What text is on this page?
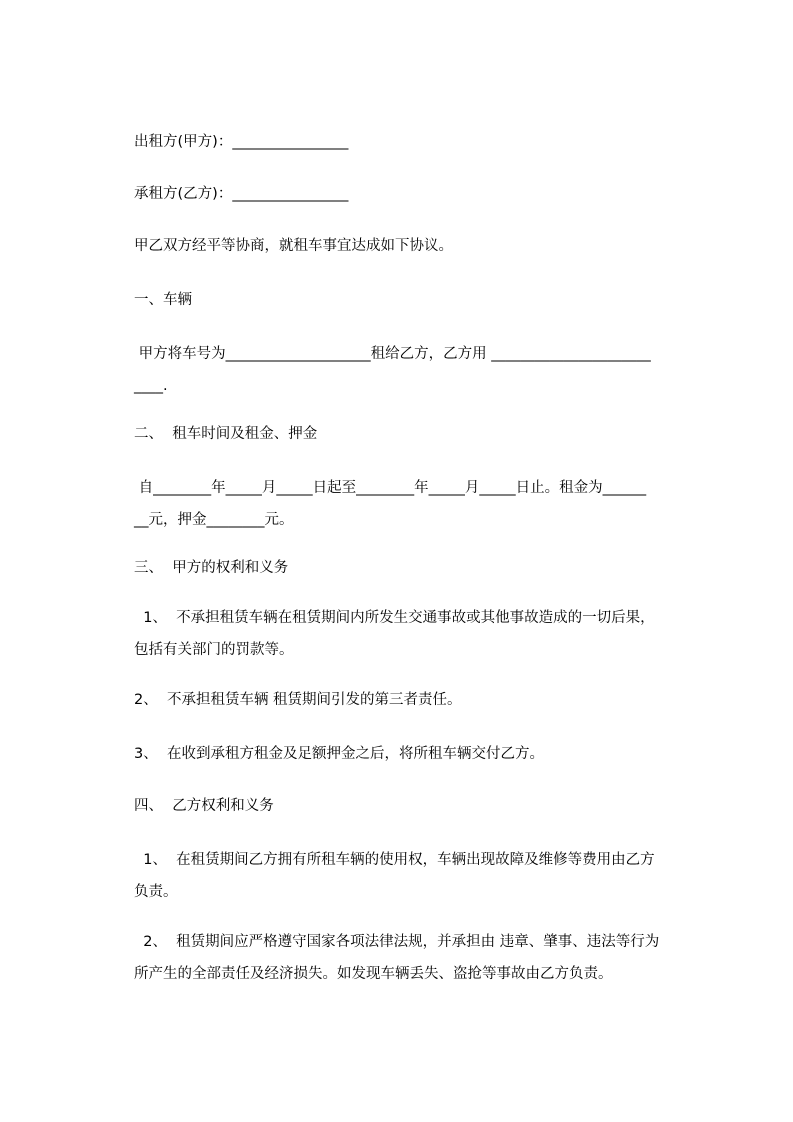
出租方(甲方)：________________

承租方(乙方)：________________

甲乙双方经平等协商，就租车事宜达成如下协议。

一、车辆

甲方将车号为____________________租给乙方，乙方用 ______________________
____.

二、  租车时间及租金、押金

自________年_____月_____日起至________年_____月_____日止。租金为______
__元，押金________元。

三、  甲方的权利和义务

1、  不承担租赁车辆在租赁期间内所发生交通事故或其他事故造成的一切后果，
包括有关部门的罚款等。

2、  不承担租赁车辆 租赁期间引发的第三者责任。

3、  在收到承租方租金及足额押金之后，将所租车辆交付乙方。

四、  乙方权利和义务

1、  在租赁期间乙方拥有所租车辆的使用权，车辆出现故障及维修等费用由乙方
负责。

2、  租赁期间应严格遵守国家各项法律法规，并承担由 违章、肇事、违法等行为
所产生的全部责任及经济损失。如发现车辆丢失、盗抢等事故由乙方负责。
